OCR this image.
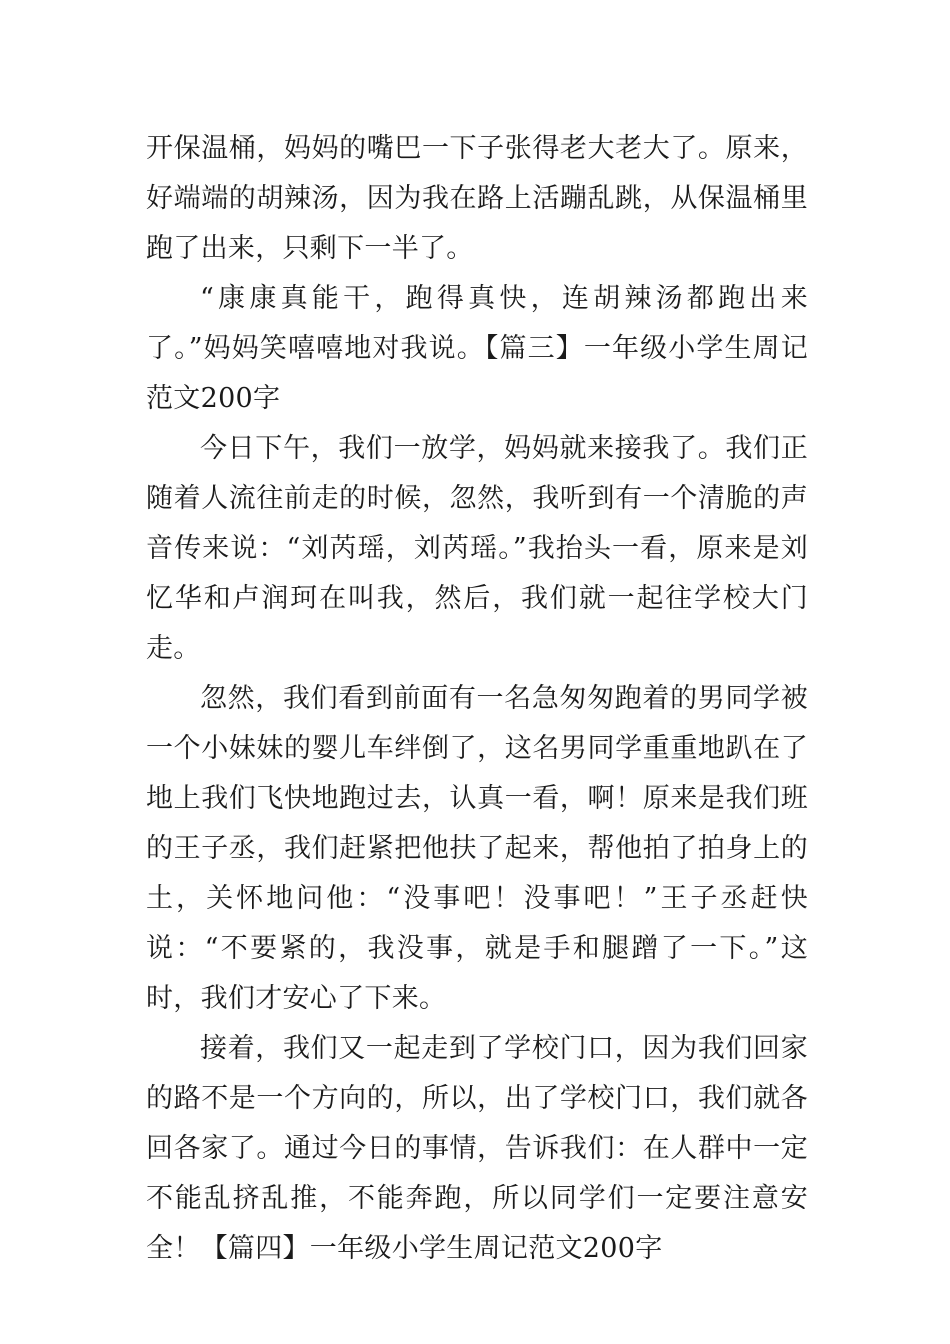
开保温桶，妈妈的嘴巴一下子张得老大老大了。原来，好端端的胡辣汤，因为我在路上活蹦乱跳，从保温桶里跑了出来，只剩下一半了。

“康康真能干，跑得真快，连胡辣汤都跑出来了。”妈妈笑嘻嘻地对我说。【篇三】一年级小学生周记范文200字

今日下午，我们一放学，妈妈就来接我了。我们正随着人流往前走的时候，忽然，我听到有一个清脆的声音传来说：“刘芮瑶，刘芮瑶。”我抬头一看，原来是刘忆华和卢润珂在叫我，然后，我们就一起往学校大门走。

忽然，我们看到前面有一名急匆匆跑着的男同学被一个小妹妹的婴儿车绊倒了，这名男同学重重地趴在了地上我们飞快地跑过去，认真一看，啊！原来是我们班的王子丞，我们赶紧把他扶了起来，帮他拍了拍身上的土，关怀地问他：“没事吧！没事吧！”王子丞赶快说：“不要紧的，我没事，就是手和腿蹭了一下。”这时，我们才安心了下来。

接着，我们又一起走到了学校门口，因为我们回家的路不是一个方向的，所以，出了学校门口，我们就各回各家了。通过今日的事情，告诉我们：在人群中一定不能乱挤乱推，不能奔跑，所以同学们一定要注意安全！【篇四】一年级小学生周记范文200字
